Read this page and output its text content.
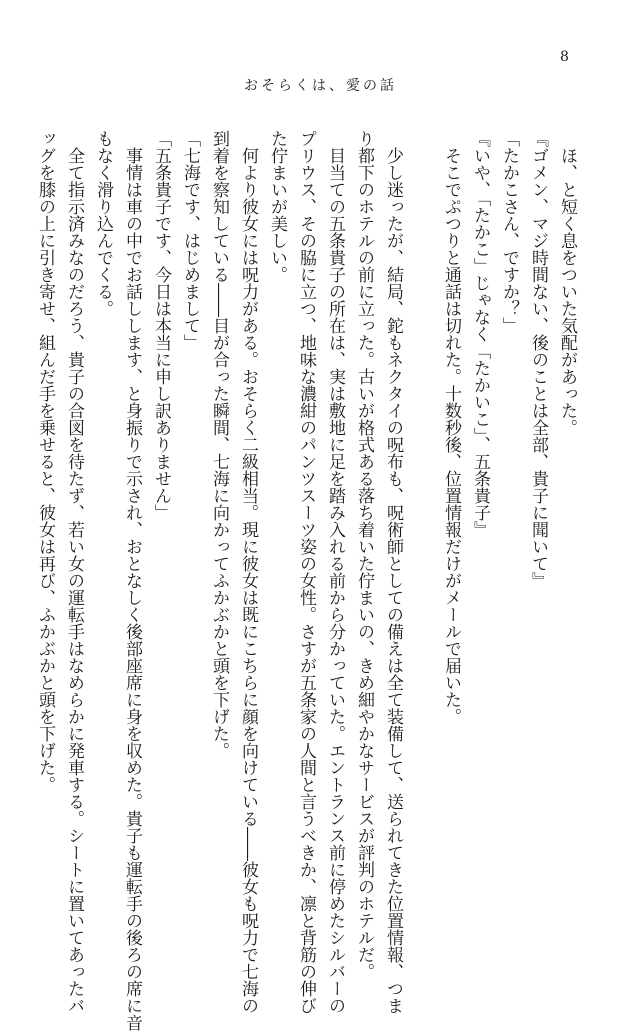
8
おそらくは、愛の話
　ほ、と短く息をついた気配があった。
『ゴメン、マジ時間ない、後のことは全部、貴子に聞いて』
「たかこさん、ですか？」
『いや、「たかこ」じゃなく「たかいこ」、五条貴子』
　そこでぷつりと通話は切れた。十数秒後、位置情報だけがメールで届いた。
　少し迷ったが、結局、鉈もネクタイの呪布も、呪術師としての備えは全て装備して、送られてきた位置情報、つま
り都下のホテルの前に立った。古いが格式ある落ち着いた佇まいの、きめ細やかなサービスが評判のホテルだ。
　目当ての五条貴子の所在は、実は敷地に足を踏み入れる前から分かっていた。エントランス前に停めたシルバーの
プリウス、その脇に立つ、地味な濃紺のパンツスーツ姿の女性。さすが五条家の人間と言うべきか、凛と背筋の伸び
た佇まいが美しい。
　何より彼女には呪力がある。おそらく二級相当。現に彼女は既にこちらに顔を向けている――彼女も呪力で七海の
到着を察知している――目が合った瞬間、七海に向かってふかぶかと頭を下げた。
「七海です、はじめまして」
「五条貴子です、今日は本当に申し訳ありません」
　事情は車の中でお話しします、と身振りで示され、おとなしく後部座席に身を収めた。貴子も運転手の後ろの席に音
もなく滑り込んでくる。
　全て指示済みなのだろう、貴子の合図を待たず、若い女の運転手はなめらかに発車する。シートに置いてあったバ
ッグを膝の上に引き寄せ、組んだ手を乗せると、彼女は再び、ふかぶかと頭を下げた。
